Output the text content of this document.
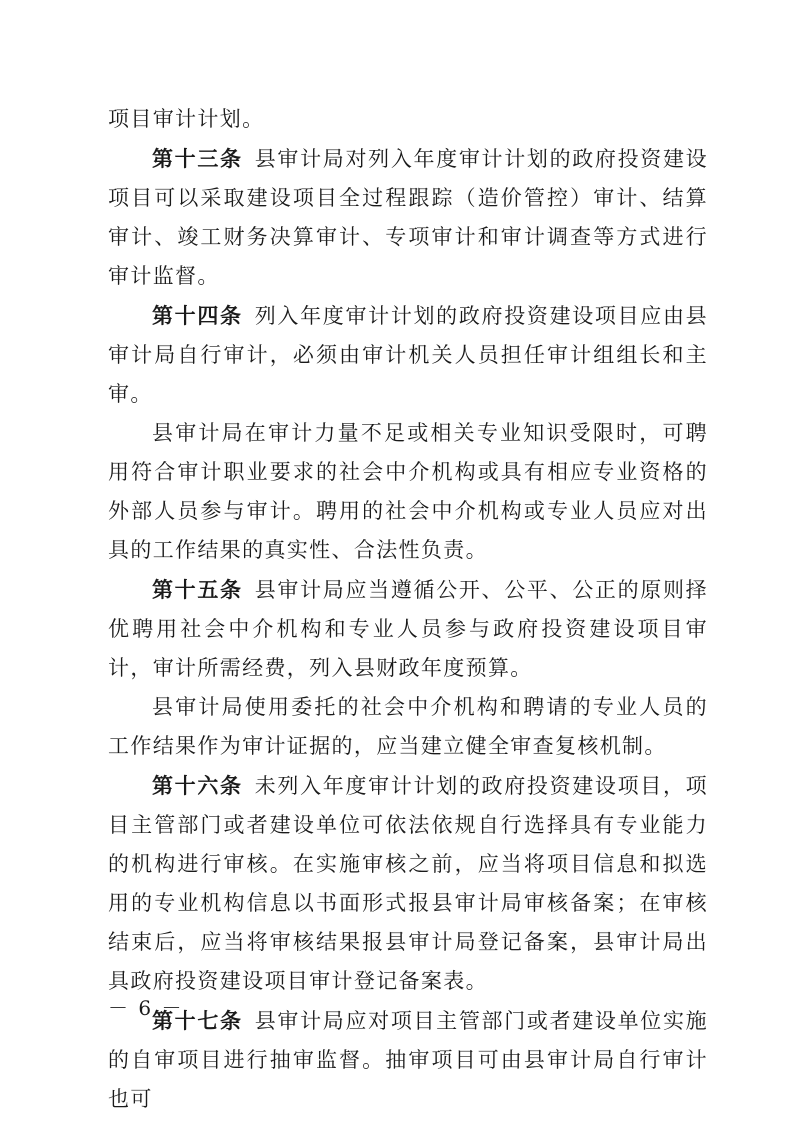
项目审计计划。

第十三条 县审计局对列入年度审计计划的政府投资建设项目可以采取建设项目全过程跟踪（造价管控）审计、结算审计、竣工财务决算审计、专项审计和审计调查等方式进行审计监督。

第十四条 列入年度审计计划的政府投资建设项目应由县审计局自行审计，必须由审计机关人员担任审计组组长和主审。

县审计局在审计力量不足或相关专业知识受限时，可聘用符合审计职业要求的社会中介机构或具有相应专业资格的外部人员参与审计。聘用的社会中介机构或专业人员应对出具的工作结果的真实性、合法性负责。

第十五条 县审计局应当遵循公开、公平、公正的原则择优聘用社会中介机构和专业人员参与政府投资建设项目审计，审计所需经费，列入县财政年度预算。

县审计局使用委托的社会中介机构和聘请的专业人员的工作结果作为审计证据的，应当建立健全审查复核机制。

第十六条 未列入年度审计计划的政府投资建设项目，项目主管部门或者建设单位可依法依规自行选择具有专业能力的机构进行审核。在实施审核之前，应当将项目信息和拟选用的专业机构信息以书面形式报县审计局审核备案；在审核结束后，应当将审核结果报县审计局登记备案，县审计局出具政府投资建设项目审计登记备案表。

第十七条 县审计局应对项目主管部门或者建设单位实施的自审项目进行抽审监督。抽审项目可由县审计局自行审计也可

－ 6 －
